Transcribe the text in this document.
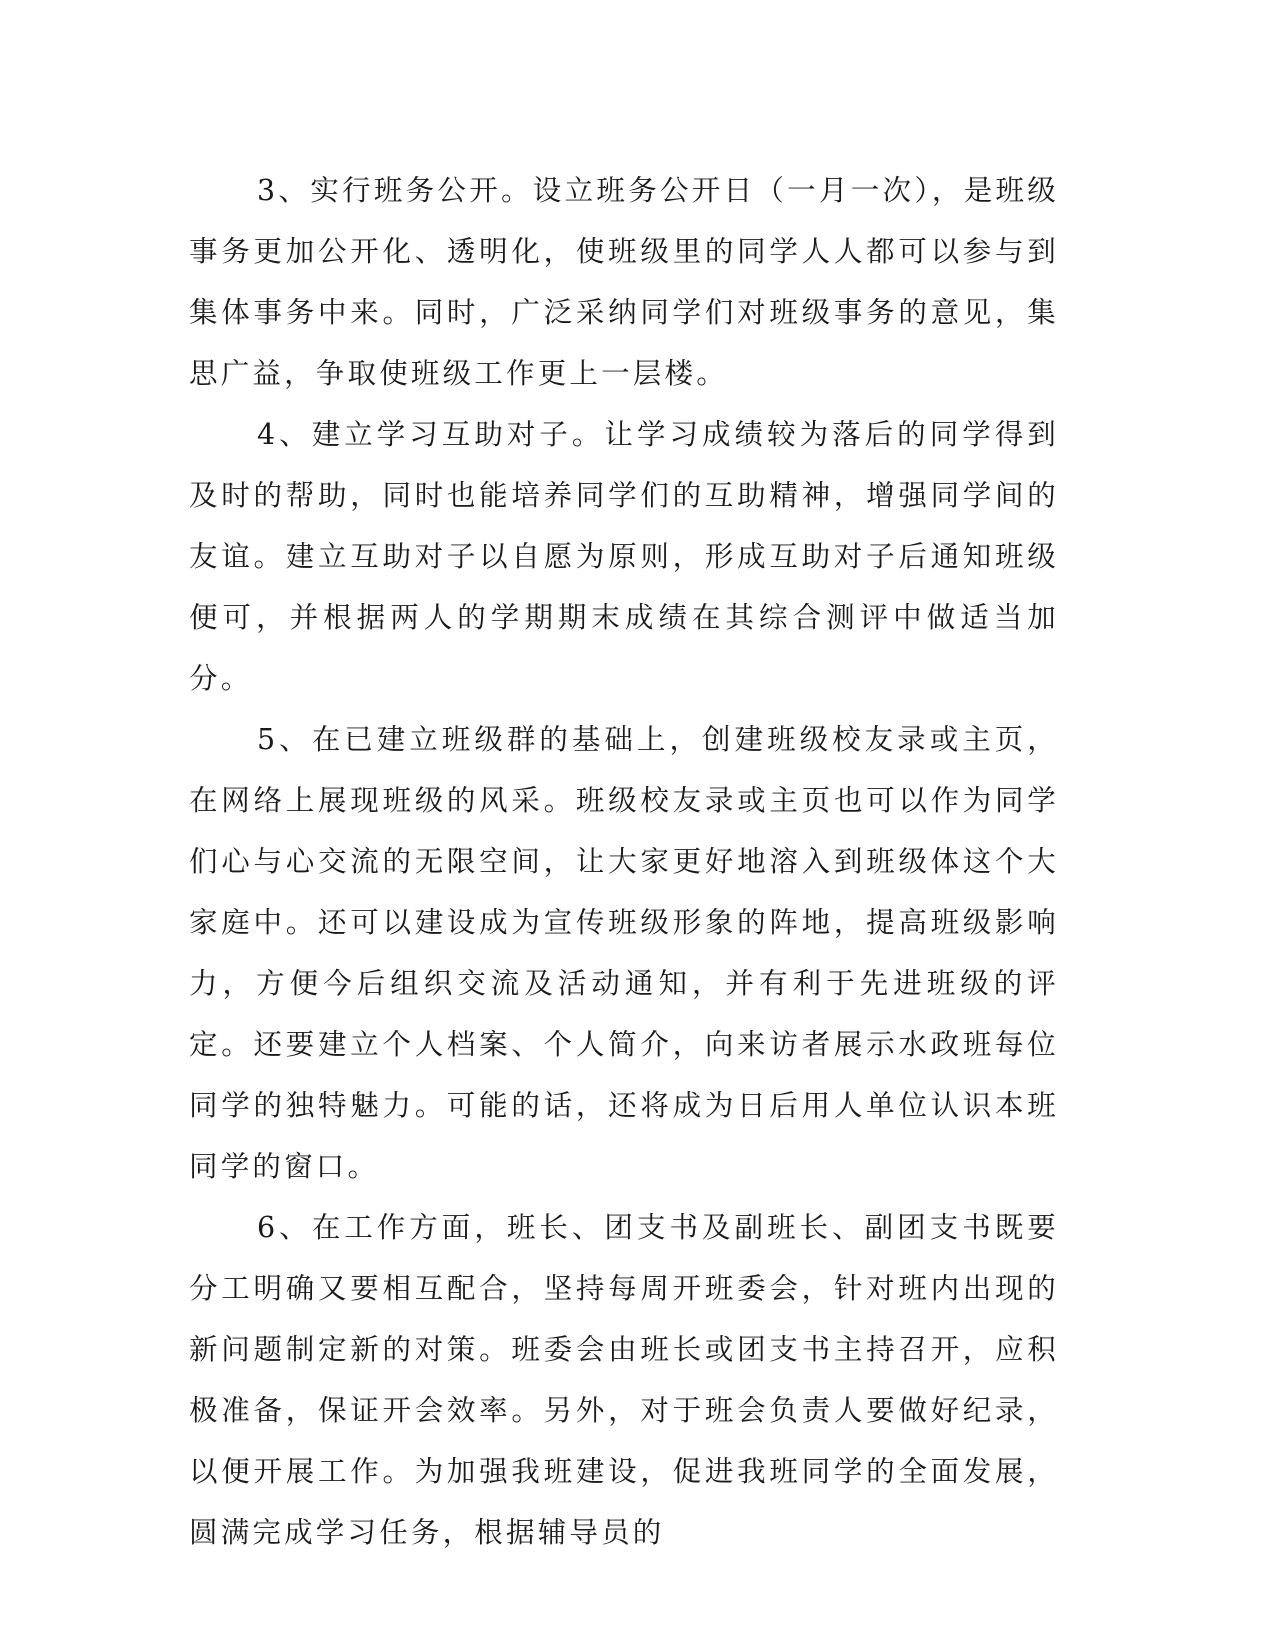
3、实行班务公开。设立班务公开日（一月一次），是班级事务更加公开化、透明化，使班级里的同学人人都可以参与到集体事务中来。同时，广泛采纳同学们对班级事务的意见，集思广益，争取使班级工作更上一层楼。

4、建立学习互助对子。让学习成绩较为落后的同学得到及时的帮助，同时也能培养同学们的互助精神，增强同学间的友谊。建立互助对子以自愿为原则，形成互助对子后通知班级便可，并根据两人的学期期末成绩在其综合测评中做适当加分。

5、在已建立班级群的基础上，创建班级校友录或主页，在网络上展现班级的风采。班级校友录或主页也可以作为同学们心与心交流的无限空间，让大家更好地溶入到班级体这个大家庭中。还可以建设成为宣传班级形象的阵地，提高班级影响力，方便今后组织交流及活动通知，并有利于先进班级的评定。还要建立个人档案、个人简介，向来访者展示水政班每位同学的独特魅力。可能的话，还将成为日后用人单位认识本班同学的窗口。

6、在工作方面，班长、团支书及副班长、副团支书既要分工明确又要相互配合，坚持每周开班委会，针对班内出现的新问题制定新的对策。班委会由班长或团支书主持召开，应积极准备，保证开会效率。另外，对于班会负责人要做好纪录，以便开展工作。为加强我班建设，促进我班同学的全面发展，圆满完成学习任务，根据辅导员的
